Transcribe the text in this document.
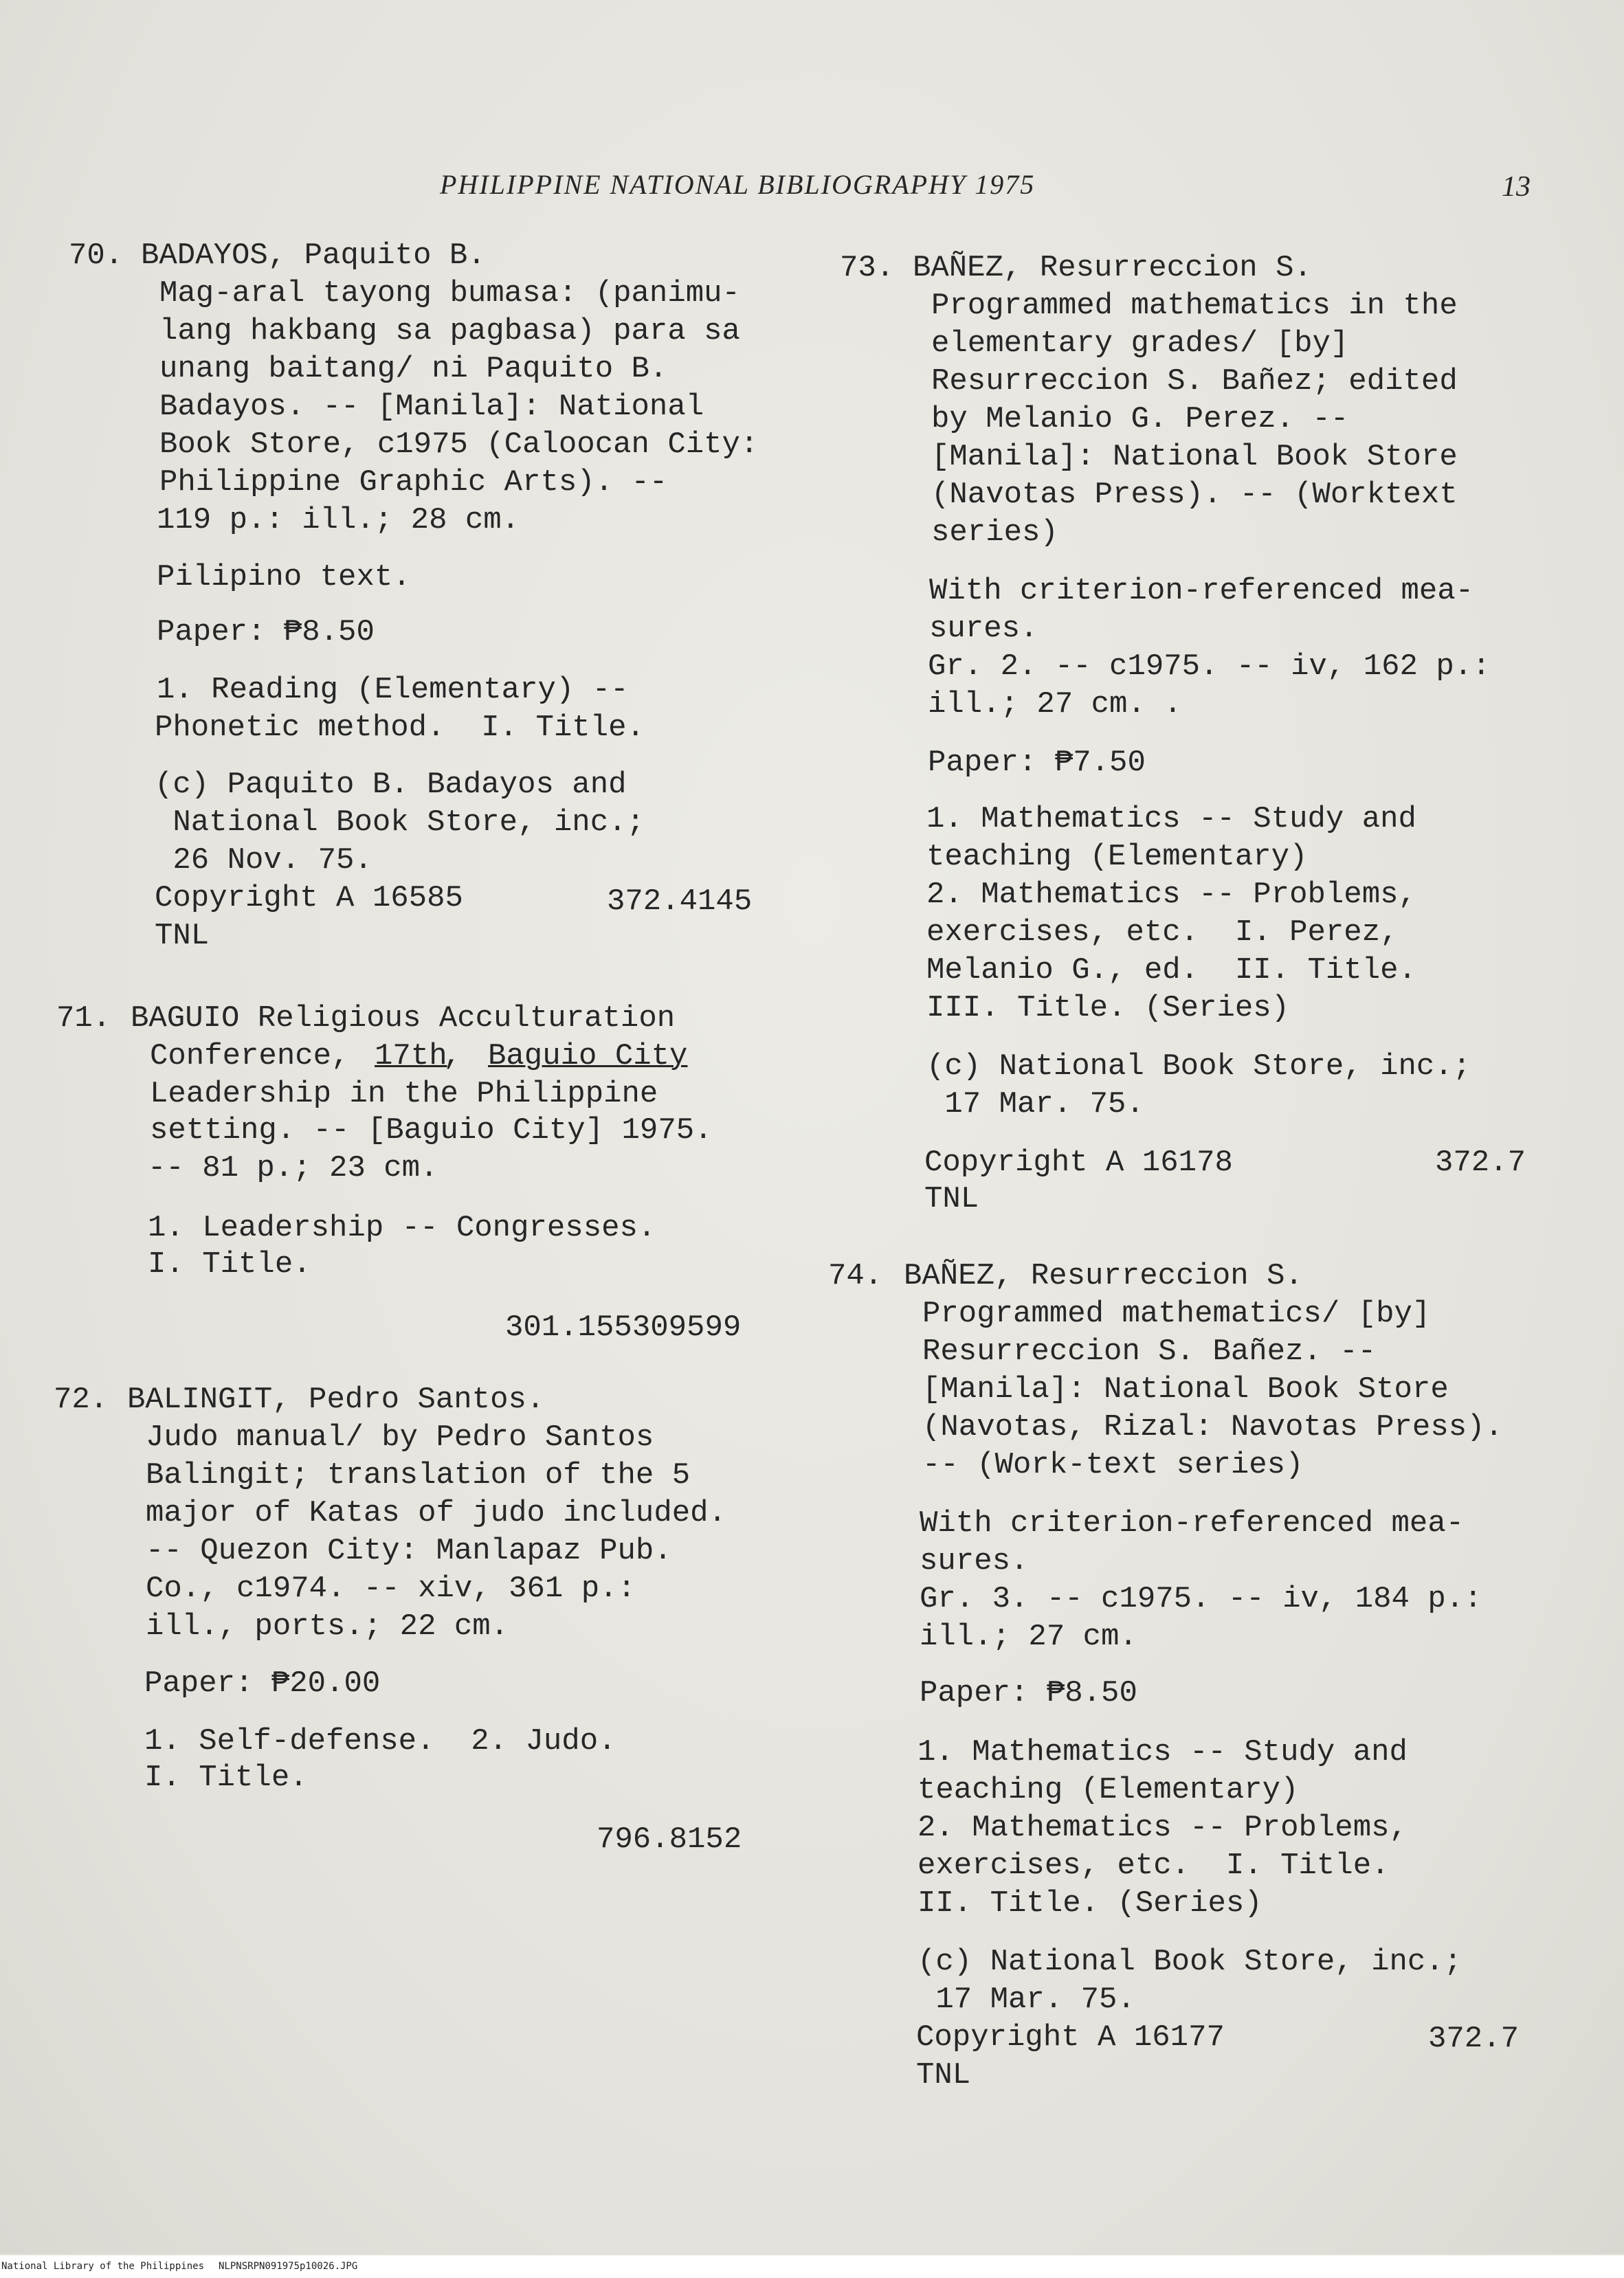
PHILIPPINE NATIONAL BIBLIOGRAPHY 1975	13
70. BADAYOS, Paquito B.
Mag-aral tayong bumasa: (panimu-
lang hakbang sa pagbasa) para sa
unang baitang/ ni Paquito B.
Badayos. -- [Manila]: National
Book Store, c1975 (Caloocan City:
Philippine Graphic Arts). --
119 p.: ill.; 28 cm.
Pilipino text.
Paper: ₱8.50
1. Reading (Elementary) --
Phonetic method.  I. Title.
(c) Paquito B. Badayos and
National Book Store, inc.;
26 Nov. 75.
Copyright A 16585
TNL
372.4145
71. BAGUIO Religious Acculturation
Conference, 17th
, Baguio City
Leadership in the Philippine
setting. -- [Baguio City] 1975.
-- 81 p.; 23 cm.
1. Leadership -- Congresses.
I. Title.
301.155309599
72. BALINGIT, Pedro Santos.
Judo manual/ by Pedro Santos
Balingit; translation of the 5
major of Katas of judo included.
-- Quezon City: Manlapaz Pub.
Co., c1974. -- xiv, 361 p.:
ill., ports.; 22 cm.
Paper: ₱20.00
1. Self-defense.  2. Judo.
I. Title.
796.8152
73. BAÑEZ, Resurreccion S.
Programmed mathematics in the
elementary grades/ [by]
Resurreccion S. Bañez; edited
by Melanio G. Perez. --
[Manila]: National Book Store
(Navotas Press). -- (Worktext
series)
With criterion-referenced mea-
sures.
Gr. 2. -- c1975. -- iv, 162 p.:
ill.; 27 cm. .
Paper: ₱7.50
1. Mathematics -- Study and
teaching (Elementary)
2. Mathematics -- Problems,
exercises, etc.  I. Perez,
Melanio G., ed.  II. Title.
III. Title. (Series)
(c) National Book Store, inc.;
17 Mar. 75.
Copyright A 16178
TNL
372.7
74. BAÑEZ, Resurreccion S.
Programmed mathematics/ [by]
Resurreccion S. Bañez. --
[Manila]: National Book Store
(Navotas, Rizal: Navotas Press).
-- (Work-text series)
With criterion-referenced mea-
sures.
Gr. 3. -- c1975. -- iv, 184 p.:
ill.; 27 cm.
Paper: ₱8.50
1. Mathematics -- Study and
teaching (Elementary)
2. Mathematics -- Problems,
exercises, etc.  I. Title.
II. Title. (Series)
(c) National Book Store, inc.;
17 Mar. 75.
Copyright A 16177
TNL
372.7
National Library of the Philippines NLPNSRPN091975p10026.JPG
